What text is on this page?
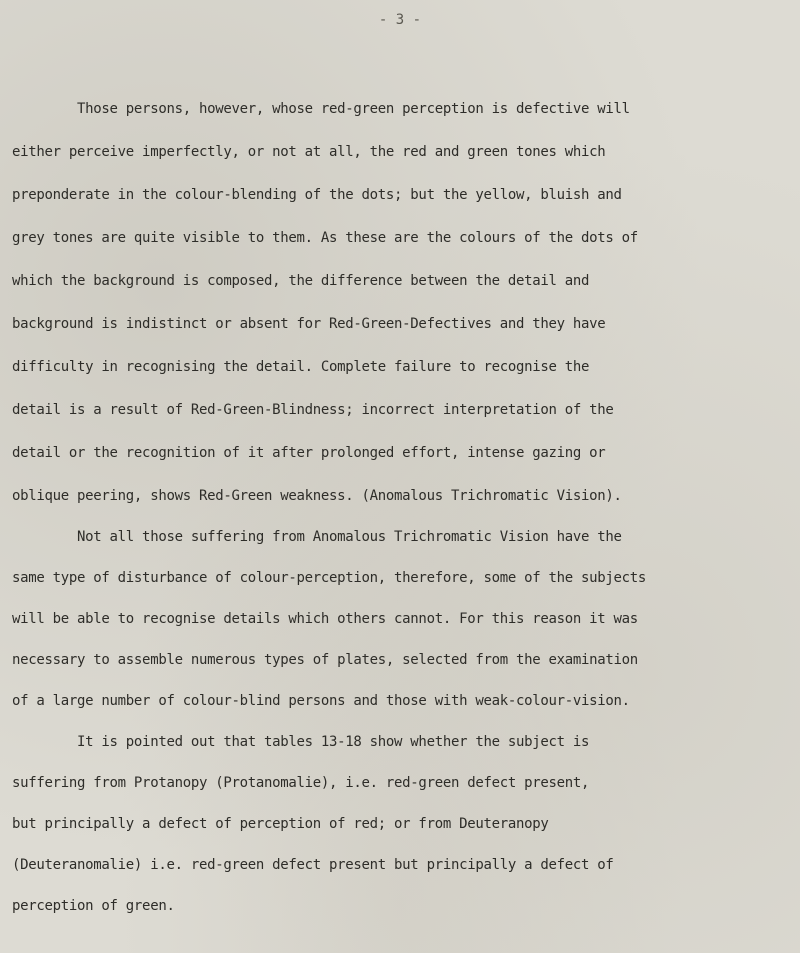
- 3 -
Those persons, however, whose red-green perception is defective will
either perceive imperfectly, or not at all, the red and green tones which
preponderate in the colour-blending of the dots; but the yellow, bluish and
grey tones are quite visible to them. As these are the colours of the dots of
which the background is composed, the difference between the detail and
background is indistinct or absent for Red-Green-Defectives and they have
difficulty in recognising the detail. Complete failure to recognise the
detail is a result of Red-Green-Blindness; incorrect interpretation of the
detail or the recognition of it after prolonged effort, intense gazing or
oblique peering, shows Red-Green weakness. (Anomalous Trichromatic Vision).
Not all those suffering from Anomalous Trichromatic Vision have the
same type of disturbance of colour-perception, therefore, some of the subjects
will be able to recognise details which others cannot. For this reason it was
necessary to assemble numerous types of plates, selected from the examination
of a large number of colour-blind persons and those with weak-colour-vision.
It is pointed out that tables 13-18 show whether the subject is
suffering from Protanopy (Protanomalie), i.e. red-green defect present,
but principally a defect of perception of red; or from Deuteranopy
(Deuteranomalie) i.e. red-green defect present but principally a defect of
perception of green.
